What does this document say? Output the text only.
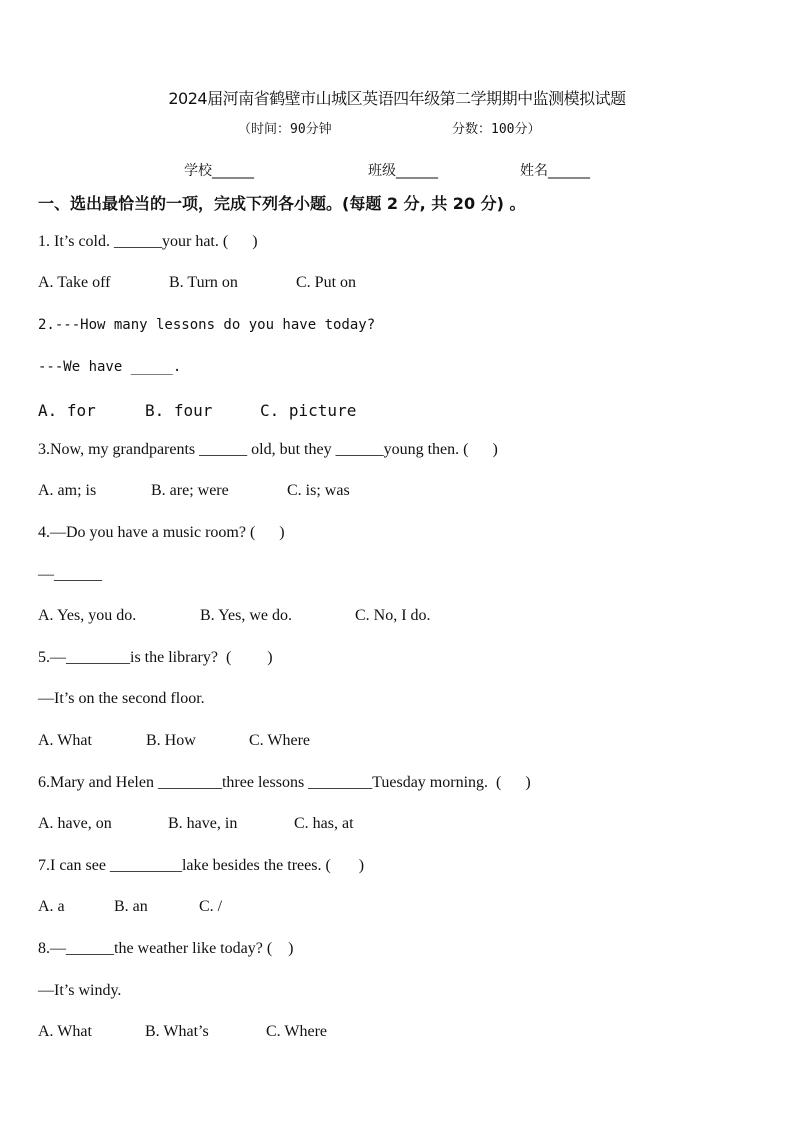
2024届河南省鹤壁市山城区英语四年级第二学期期中监测模拟试题
（时间：90分钟	分数：100分）
学校______	班级______	姓名______
一、选出最恰当的一项，完成下列各小题。(每题 2 分, 共 20 分) 。
1. It’s cold. ______your hat. (      )
A. Take off	B. Turn on	C. Put on
2.---How many lessons do you have today?
---We have _____.
A. for	B. four	C. picture
3.Now, my grandparents ______ old, but they ______young then. (      )
A. am; is	B. are; were	C. is; was
4.—Do you have a music room? (      )
—______
A. Yes, you do.	B. Yes, we do.	C. No, I do.
5.—________is the library?  (         )
—It’s on the second floor.
A. What	B. How	C. Where
6.Mary and Helen ________three lessons ________Tuesday morning.  (      )
A. have, on	B. have, in	C. has, at
7.I can see _________lake besides the trees. (       )
A. a	B. an	C. /
8.—______the weather like today? (    )
—It’s windy.
A. What	B. What’s	C. Where
